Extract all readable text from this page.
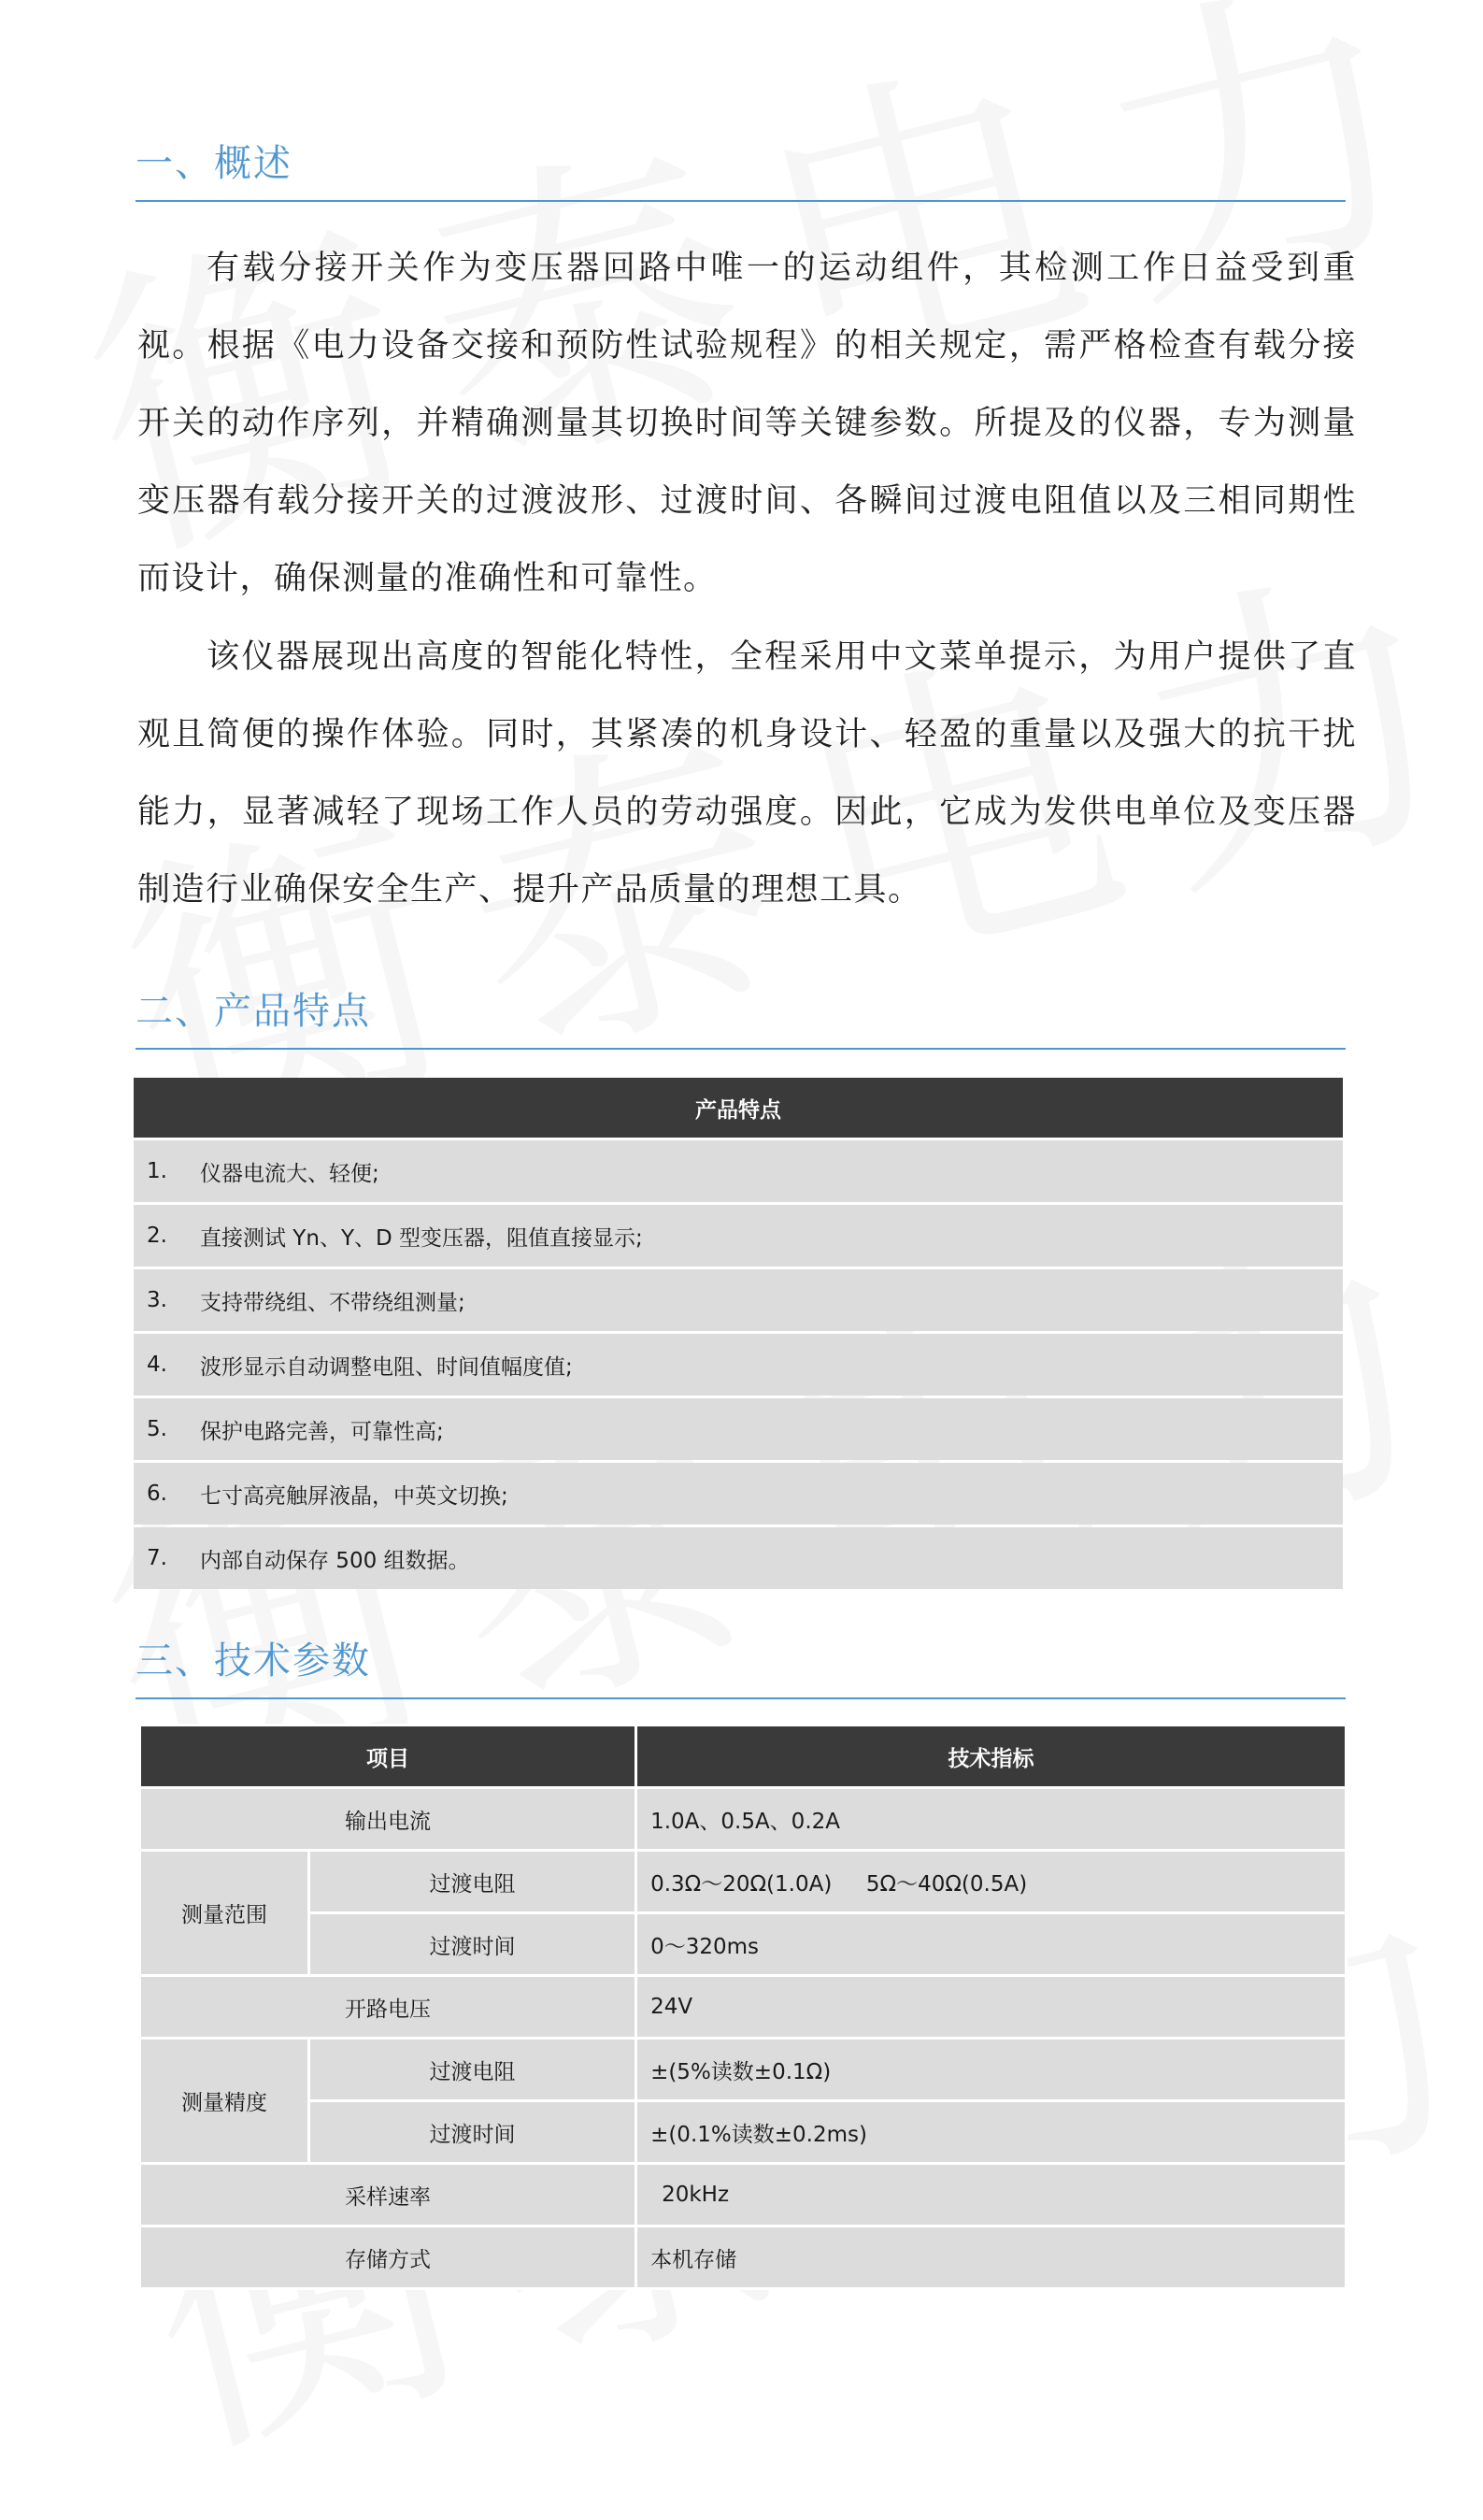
一、概述

有载分接开关作为变压器回路中唯一的运动组件，其检测工作日益受到重视。根据《电力设备交接和预防性试验规程》的相关规定，需严格检查有载分接开关的动作序列，并精确测量其切换时间等关键参数。所提及的仪器，专为测量变压器有载分接开关的过渡波形、过渡时间、各瞬间过渡电阻值以及三相同期性而设计，确保测量的准确性和可靠性。

该仪器展现出高度的智能化特性，全程采用中文菜单提示，为用户提供了直观且简便的操作体验。同时，其紧凑的机身设计、轻盈的重量以及强大的抗干扰能力，显著减轻了现场工作人员的劳动强度。因此，它成为发供电单位及变压器制造行业确保安全生产、提升产品质量的理想工具。

二、产品特点
产品特点	
1.	仪器电流大、轻便;
2.	直接测试 Yn、Y、D 型变压器，阻值直接显示;
3.	支持带绕组、不带绕组测量;
4.	波形显示自动调整电阻、时间值幅度值;
5.	保护电路完善，可靠性高;
6.	七寸高亮触屏液晶，中英文切换;
7.	内部自动保存 500 组数据。
三、技术参数
项目		技术指标
输出电流		1.0A、0.5A、0.2A
测量范围	过渡电阻	0.3Ω～20Ω(1.0A)     5Ω～40Ω(0.5A)
	过渡时间	0～320ms
开路电压		24V
测量精度	过渡电阻	±(5%读数±0.1Ω)
	过渡时间	±(0.1%读数±0.2ms)
采样速率		20kHz
存储方式		本机存储
